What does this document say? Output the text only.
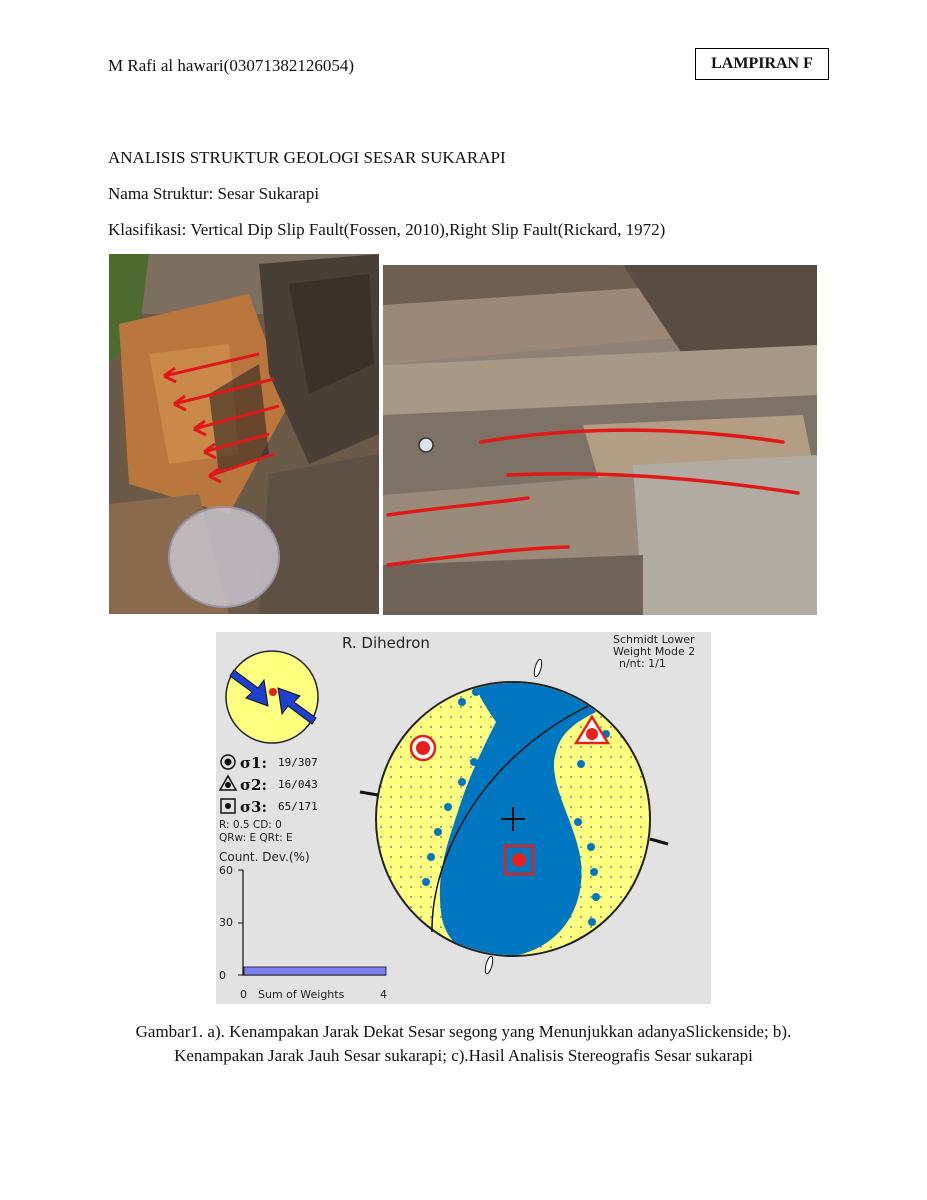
M Rafi al hawari(03071382126054)	LAMPIRAN F
ANALISIS STRUKTUR GEOLOGI SESAR SUKARAPI
Nama Struktur: Sesar Sukarapi
Klasifikasi: Vertical Dip Slip Fault(Fossen, 2010),Right Slip Fault(Rickard, 1972)
R. Dihedron	Schmidt Lower
Weight Mode 2
n/nt: 1/1
σ1: 19/307
σ2: 16/043
σ3: 65/171
R: 0.5 CD: 0
QRw: E QRt: E
Count. Dev.(%)
60
30
0
0 Sum of Weights	4
Gambar1. a). Kenampakan Jarak Dekat Sesar segong yang Menunjukkan adanyaSlickenside; b).
Kenampakan Jarak Jauh Sesar sukarapi; c).Hasil Analisis Stereografis Sesar sukarapi
